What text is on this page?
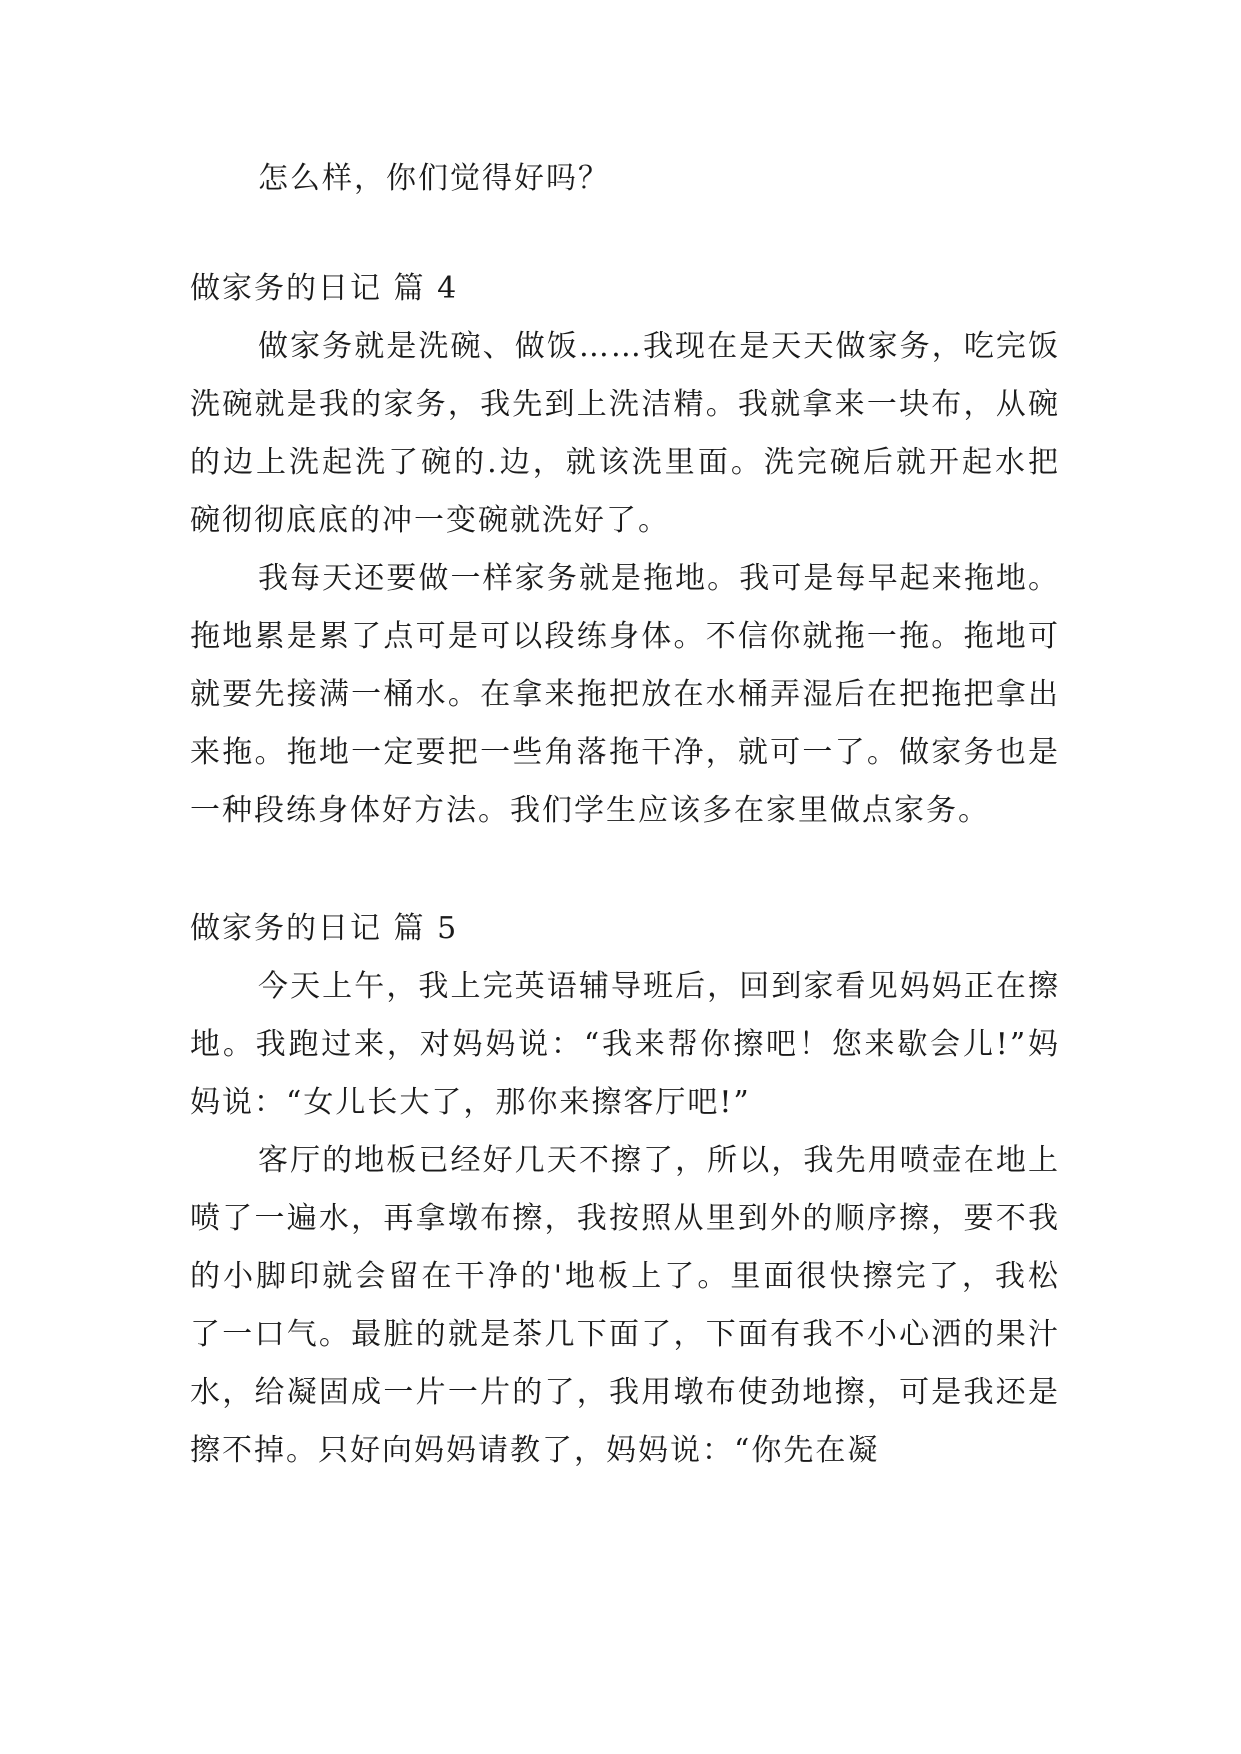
怎么样，你们觉得好吗？

做家务的日记 篇 4

做家务就是洗碗、做饭……我现在是天天做家务，吃完饭洗碗就是我的家务，我先到上洗洁精。我就拿来一块布，从碗的边上洗起洗了碗的.边，就该洗里面。洗完碗后就开起水把碗彻彻底底的冲一变碗就洗好了。

我每天还要做一样家务就是拖地。我可是每早起来拖地。拖地累是累了点可是可以段练身体。不信你就拖一拖。拖地可就要先接满一桶水。在拿来拖把放在水桶弄湿后在把拖把拿出来拖。拖地一定要把一些角落拖干净，就可一了。做家务也是一种段练身体好方法。我们学生应该多在家里做点家务。

做家务的日记 篇 5

今天上午，我上完英语辅导班后，回到家看见妈妈正在擦地。我跑过来，对妈妈说：“我来帮你擦吧！您来歇会儿!”妈妈说：“女儿长大了，那你来擦客厅吧!”

客厅的地板已经好几天不擦了，所以，我先用喷壶在地上喷了一遍水，再拿墩布擦，我按照从里到外的顺序擦，要不我的小脚印就会留在干净的'地板上了。里面很快擦完了，我松了一口气。最脏的就是茶几下面了，下面有我不小心洒的果汁水，给凝固成一片一片的了，我用墩布使劲地擦，可是我还是擦不掉。只好向妈妈请教了，妈妈说：“你先在凝
